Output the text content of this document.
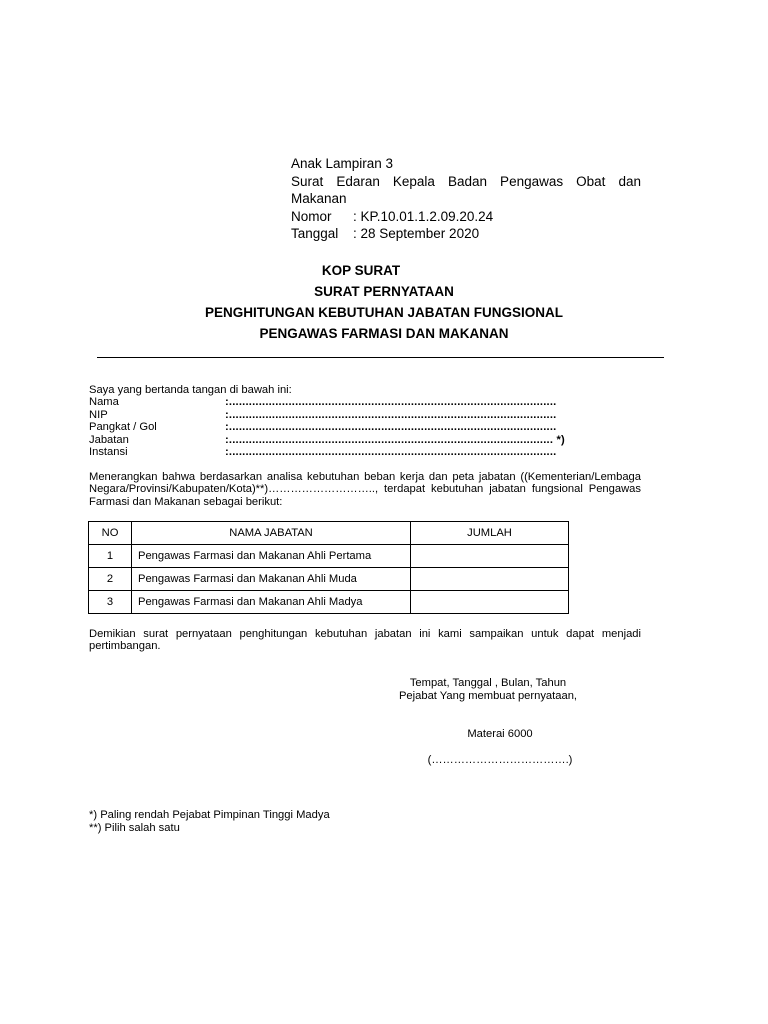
Anak Lampiran 3
Surat Edaran Kepala Badan Pengawas Obat dan
Makanan
Nomor	: KP.10.01.1.2.09.20.24
Tanggal	: 28 September 2020
KOP SURAT
SURAT PERNYATAAN
PENGHITUNGAN KEBUTUHAN JABATAN FUNGSIONAL
PENGAWAS FARMASI DAN MAKANAN
Saya yang bertanda tangan di bawah ini:
Nama	:...................................................................................................
NIP	:...................................................................................................
Pangkat / Gol	:...................................................................................................
Jabatan	:.................................................................................................. *)
Instansi	:...................................................................................................
Menerangkan bahwa berdasarkan analisa kebutuhan beban kerja dan peta jabatan ((Kementerian/Lembaga Negara/Provinsi/Kabupaten/Kota)**)……………………….., terdapat kebutuhan jabatan fungsional Pengawas Farmasi dan Makanan sebagai berikut:
NO	NAMA JABATAN	JUMLAH
1	Pengawas Farmasi dan Makanan Ahli Pertama	
2	Pengawas Farmasi dan Makanan Ahli Muda	
3	Pengawas Farmasi dan Makanan Ahli Madya	
Demikian surat pernyataan penghitungan kebutuhan jabatan ini kami sampaikan untuk dapat menjadi pertimbangan.
Tempat, Tanggal , Bulan, Tahun
Pejabat Yang membuat pernyataan,
Materai 6000
(……………………………….)
*) Paling rendah Pejabat Pimpinan Tinggi Madya
**) Pilih salah satu
